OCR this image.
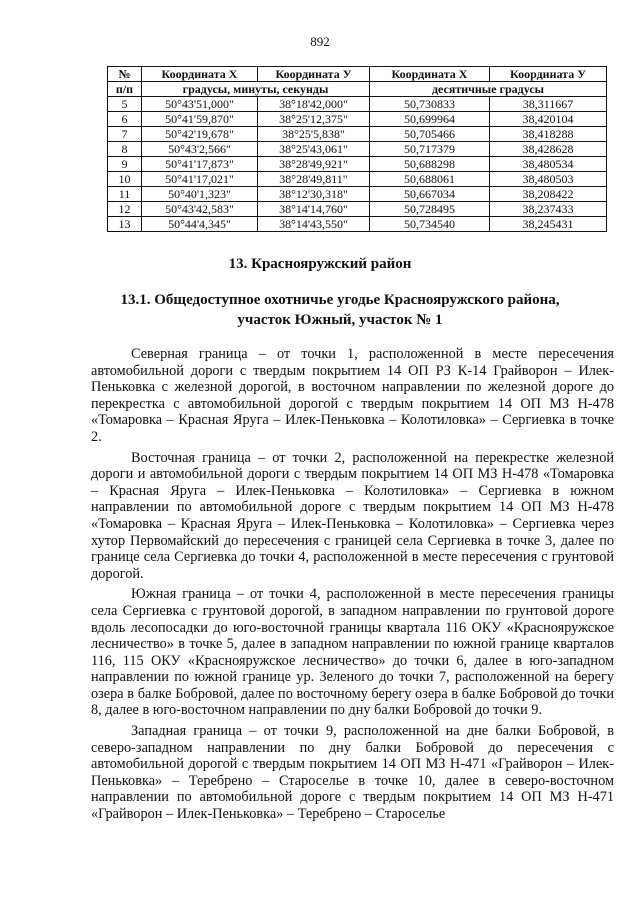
892
№	Координата X	Координата У	Координата X	Координата У
п/п	градусы, минуты, секунды		десятичные градусы	
5	50°43'51,000"	38°18'42,000"	50,730833	38,311667
6	50°41'59,870"	38°25'12,375"	50,699964	38,420104
7	50°42'19,678"	38°25'5,838"	50,705466	38,418288
8	50°43'2,566"	38°25'43,061"	50,717379	38,428628
9	50°41'17,873"	38°28'49,921"	50,688298	38,480534
10	50°41'17,021"	38°28'49,811"	50,688061	38,480503
11	50°40'1,323"	38°12'30,318"	50,667034	38,208422
12	50°43'42,583"	38°14'14,760"	50,728495	38,237433
13	50°44'4,345"	38°14'43,550"	50,734540	38,245431
13. Краснояружский район
13.1. Общедоступное охотничье угодье Краснояружского района,
участок Южный, участок № 1

Северная граница – от точки 1, расположенной в месте пересечения автомобильной дороги с твердым покрытием 14 ОП РЗ К-14 Грайворон – Илек-Пеньковка с железной дорогой, в восточном направлении по железной дороге до перекрестка с автомобильной дорогой с твердым покрытием 14 ОП МЗ Н-478 «Томаровка – Красная Яруга – Илек-Пеньковка – Колотиловка» – Сергиевка в точке 2.

Восточная граница – от точки 2, расположенной на перекрестке железной дороги и автомобильной дороги с твердым покрытием 14 ОП МЗ Н-478 «Томаровка – Красная Яруга – Илек-Пеньковка – Колотиловка» – Сергиевка в южном направлении по автомобильной дороге с твердым покрытием 14 ОП МЗ Н-478 «Томаровка – Красная Яруга – Илек-Пеньковка – Колотиловка» – Сергиевка через хутор Первомайский до пересечения с границей села Сергиевка в точке 3, далее по границе села Сергиевка до точки 4, расположенной в месте пересечения с грунтовой дорогой.

Южная граница – от точки 4, расположенной в месте пересечения границы села Сергиевка с грунтовой дорогой, в западном направлении по грунтовой дороге вдоль лесопосадки до юго-восточной границы квартала 116 ОКУ «Краснояружское лесничество» в точке 5, далее в западном направлении по южной границе кварталов 116, 115 ОКУ «Краснояружское лесничество» до точки 6, далее в юго-западном направлении по южной границе ур. Зеленого до точки 7, расположенной на берегу озера в балке Бобровой, далее по восточному берегу озера в балке Бобровой до точки 8, далее в юго-восточном направлении по дну балки Бобровой до точки 9.

Западная граница – от точки 9, расположенной на дне балки Бобровой, в северо-западном направлении по дну балки Бобровой до пересечения с автомобильной дорогой с твердым покрытием 14 ОП МЗ Н-471 «Грайворон – Илек-Пеньковка» – Теребрено – Староселье в точке 10, далее в северо-восточном направлении по автомобильной дороге с твердым покрытием 14 ОП МЗ Н-471 «Грайворон – Илек-Пеньковка» – Теребрено – Староселье
